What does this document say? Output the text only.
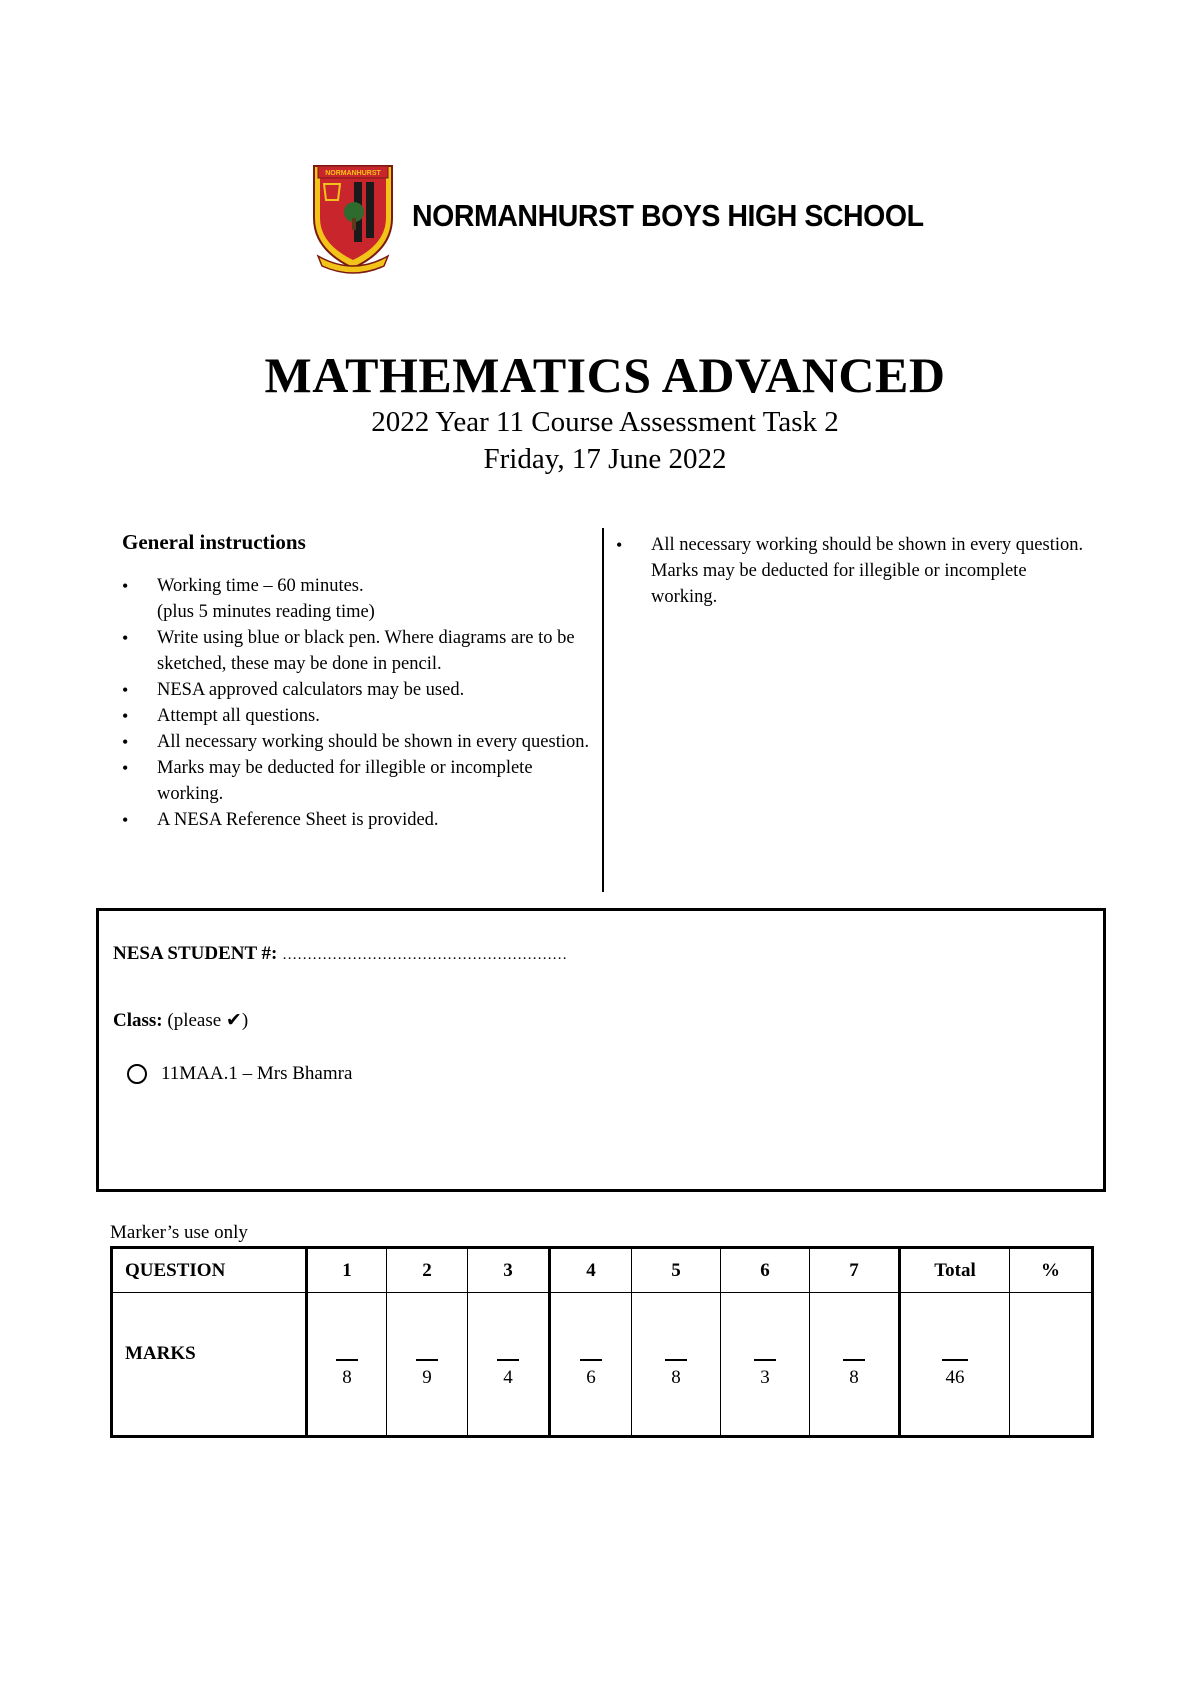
NORMANHURST
NORMANHURST BOYS HIGH SCHOOL
MATHEMATICS ADVANCED
2022 Year 11 Course Assessment Task 2
Friday, 17 June 2022
General instructions
• Working time – 60 minutes.
(plus 5 minutes reading time)
• Write using blue or black pen. Where diagrams are to be sketched, these may be done in pencil.
• NESA approved calculators may be used.
• Attempt all questions.
• All necessary working should be shown in every question.
• Marks may be deducted for illegible or incomplete working.
• A NESA Reference Sheet is provided.
• All necessary working should be shown in every question. Marks may be deducted for illegible or incomplete working.
NESA STUDENT #: …………………………………………………
Class: (please ✔)
11MAA.1 – Mrs Bhamra
Marker’s use only
QUESTION	1	2	3	4	5	6	7	Total	%
MARKS	8	9	4	6	8	3	8	46	
